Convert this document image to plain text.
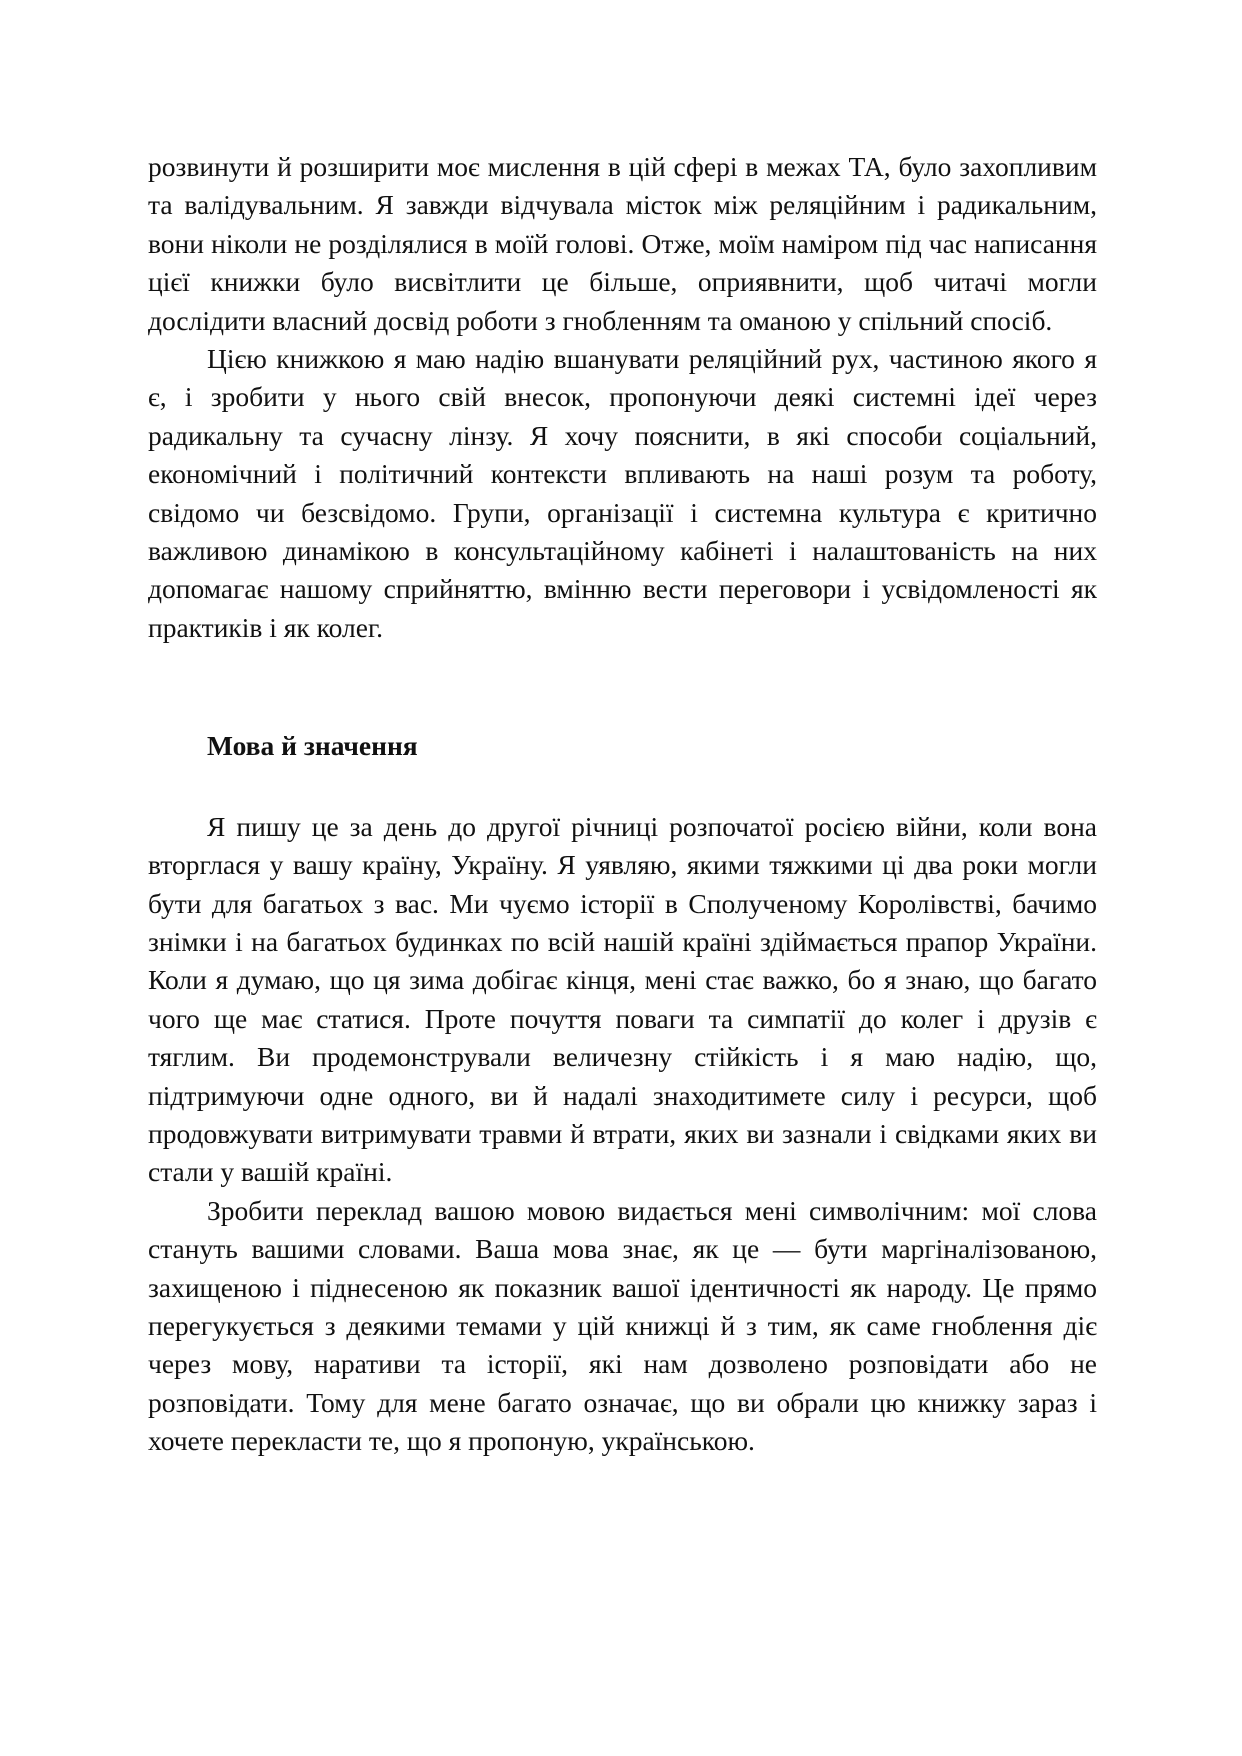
розвинути й розширити моє мислення в цій сфері в межах ТА, було захопливим та валідувальним. Я завжди відчувала місток між реляційним і радикальним, вони ніколи не розділялися в моїй голові. Отже, моїм наміром під час написання цієї книжки було висвітлити це більше, оприявнити, щоб читачі могли дослідити власний досвід роботи з гнобленням та оманою у спільний спосіб.

Цією книжкою я маю надію вшанувати реляційний рух, частиною якого я є, і зробити у нього свій внесок, пропонуючи деякі системні ідеї через радикальну та сучасну лінзу. Я хочу пояснити, в які способи соціальний, економічний і політичний контексти впливають на наші розум та роботу, свідомо чи безсвідомо. Групи, організації і системна культура є критично важливою динамікою в консультаційному кабінеті і налаштованість на них допомагає нашому сприйняттю, вмінню вести переговори і усвідомленості як практиків і як колег.

Мова й значення

Я пишу це за день до другої річниці розпочатої росією війни, коли вона вторглася у вашу країну, Україну. Я уявляю, якими тяжкими ці два роки могли бути для багатьох з вас. Ми чуємо історії в Сполученому Королівстві, бачимо знімки і на багатьох будинках по всій нашій країні здіймається прапор України. Коли я думаю, що ця зима добігає кінця, мені стає важко, бо я знаю, що багато чого ще має статися. Проте почуття поваги та симпатії до колег і друзів є тяглим. Ви продемонстрували величезну стійкість і я маю надію, що, підтримуючи одне одного, ви й надалі знаходитимете силу і ресурси, щоб продовжувати витримувати травми й втрати, яких ви зазнали і свідками яких ви стали у вашій країні.

Зробити переклад вашою мовою видається мені символічним: мої слова стануть вашими словами. Ваша мова знає, як це — бути маргіналізованою, захищеною і піднесеною як показник вашої ідентичності як народу. Це прямо перегукується з деякими темами у цій книжці й з тим, як саме гноблення діє через мову, наративи та історії, які нам дозволено розповідати або не розповідати. Тому для мене багато означає, що ви обрали цю книжку зараз і хочете перекласти те, що я пропоную, українською.
